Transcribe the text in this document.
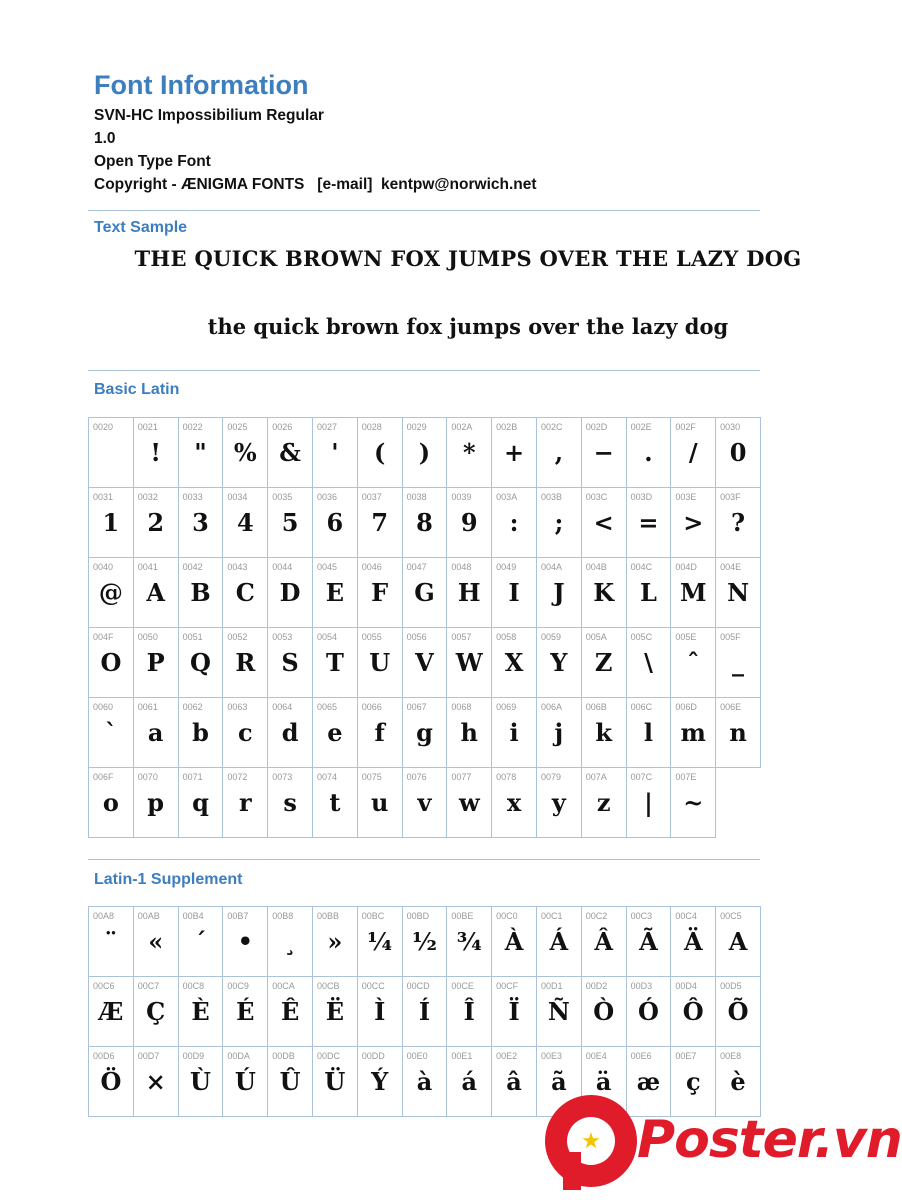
Font Information
SVN-HC Impossibilium Regular
1.0
Open Type Font
Copyright - ÆNIGMA FONTS   [e-mail]  kentpw@norwich.net
Text Sample
THE QUICK BROWN FOX JUMPS OVER THE LAZY DOG
the quick brown fox jumps over the lazy dog
Basic Latin
0020	0021
!
0022
"
0025
%
0026
&
0027
'
0028
(
0029
)
002A
*
002B
+
002C
,
002D
−
002E
.
002F
/
0030
0
0031
1
0032
2
0033
3
0034
4
0035
5
0036
6
0037
7
0038
8
0039
9
003A
:
003B
;
003C
<
003D
=
003E
>
003F
?
0040
@
0041
A
0042
B
0043
C
0044
D
0045
E
0046
F
0047
G
0048
H
0049
I
004A
J
004B
K
004C
L
004D
M
004E
N
004F
O
0050
P
0051
Q
0052
R
0053
S
0054
T
0055
U
0056
V
0057
W
0058
X
0059
Y
005A
Z
005C
\
005E
ˆ
005F
_
0060
`
0061
a
0062
b
0063
c
0064
d
0065
e
0066
f
0067
g
0068
h
0069
i
006A
j
006B
k
006C
l
006D
m
006E
n
006F
o
0070
p
0071
q
0072
r
0073
s
0074
t
0075
u
0076
v
0077
w
0078
x
0079
y
007A
z
007C
|
007E
~
Latin-1 Supplement
00A8
¨
00AB
«
00B4
´
00B7
•
00B8
¸
00BB
»
00BC
¼
00BD
½
00BE
¾
00C0
À
00C1
Á
00C2
Â
00C3
Ã
00C4
Ä
00C5
A
00C6
Æ
00C7
Ç
00C8
È
00C9
É
00CA
Ê
00CB
Ë
00CC
Ì
00CD
Í
00CE
Î
00CF
Ï
00D1
Ñ
00D2
Ò
00D3
Ó
00D4
Ô
00D5
Õ
00D6
Ö
00D7
×
00D9
Ù
00DA
Ú
00DB
Û
00DC
Ü
00DD
Ý
00E0
à
00E1
á
00E2
â
00E3
ã
00E4
ä
00E6
æ
00E7
ç
00E8
è
★ Poster.vn
